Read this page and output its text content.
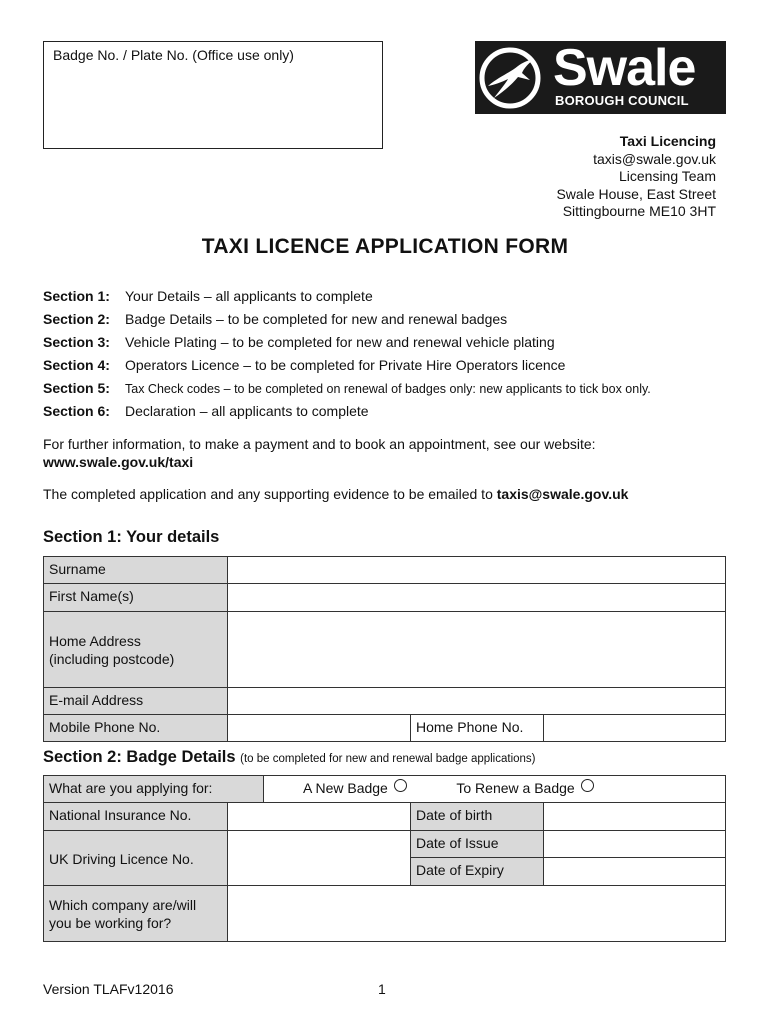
Badge No. / Plate No. (Office use only)	Swale
BOROUGH COUNCIL
Taxi Licencing
taxis@swale.gov.uk
Licensing Team
Swale House, East Street
Sittingbourne ME10 3HT
TAXI LICENCE APPLICATION FORM
Section 1: Your Details – all applicants to complete
Section 2: Badge Details – to be completed for new and renewal badges
Section 3: Vehicle Plating – to be completed for new and renewal vehicle plating
Section 4: Operators Licence – to be completed for Private Hire Operators licence
Section 5: Tax Check codes – to be completed on renewal of badges only: new applicants to tick box only.
Section 6: Declaration – all applicants to complete
For further information, to make a payment and to book an appointment, see our website:
www.swale.gov.uk/taxi
The completed application and any supporting evidence to be emailed to taxis@swale.gov.uk
Section 1: Your details
Surname
First Name(s)
Home Address
(including postcode)
E-mail Address
Mobile Phone No.	Home Phone No.
Section 2: Badge Details (to be completed for new and renewal badge applications)
What are you applying for:	A New Badge	To Renew a Badge
National Insurance No.	Date of birth
UK Driving Licence No.
Date of Issue
Date of Expiry
Which company are/will
you be working for?
Version TLAFv12016	1
